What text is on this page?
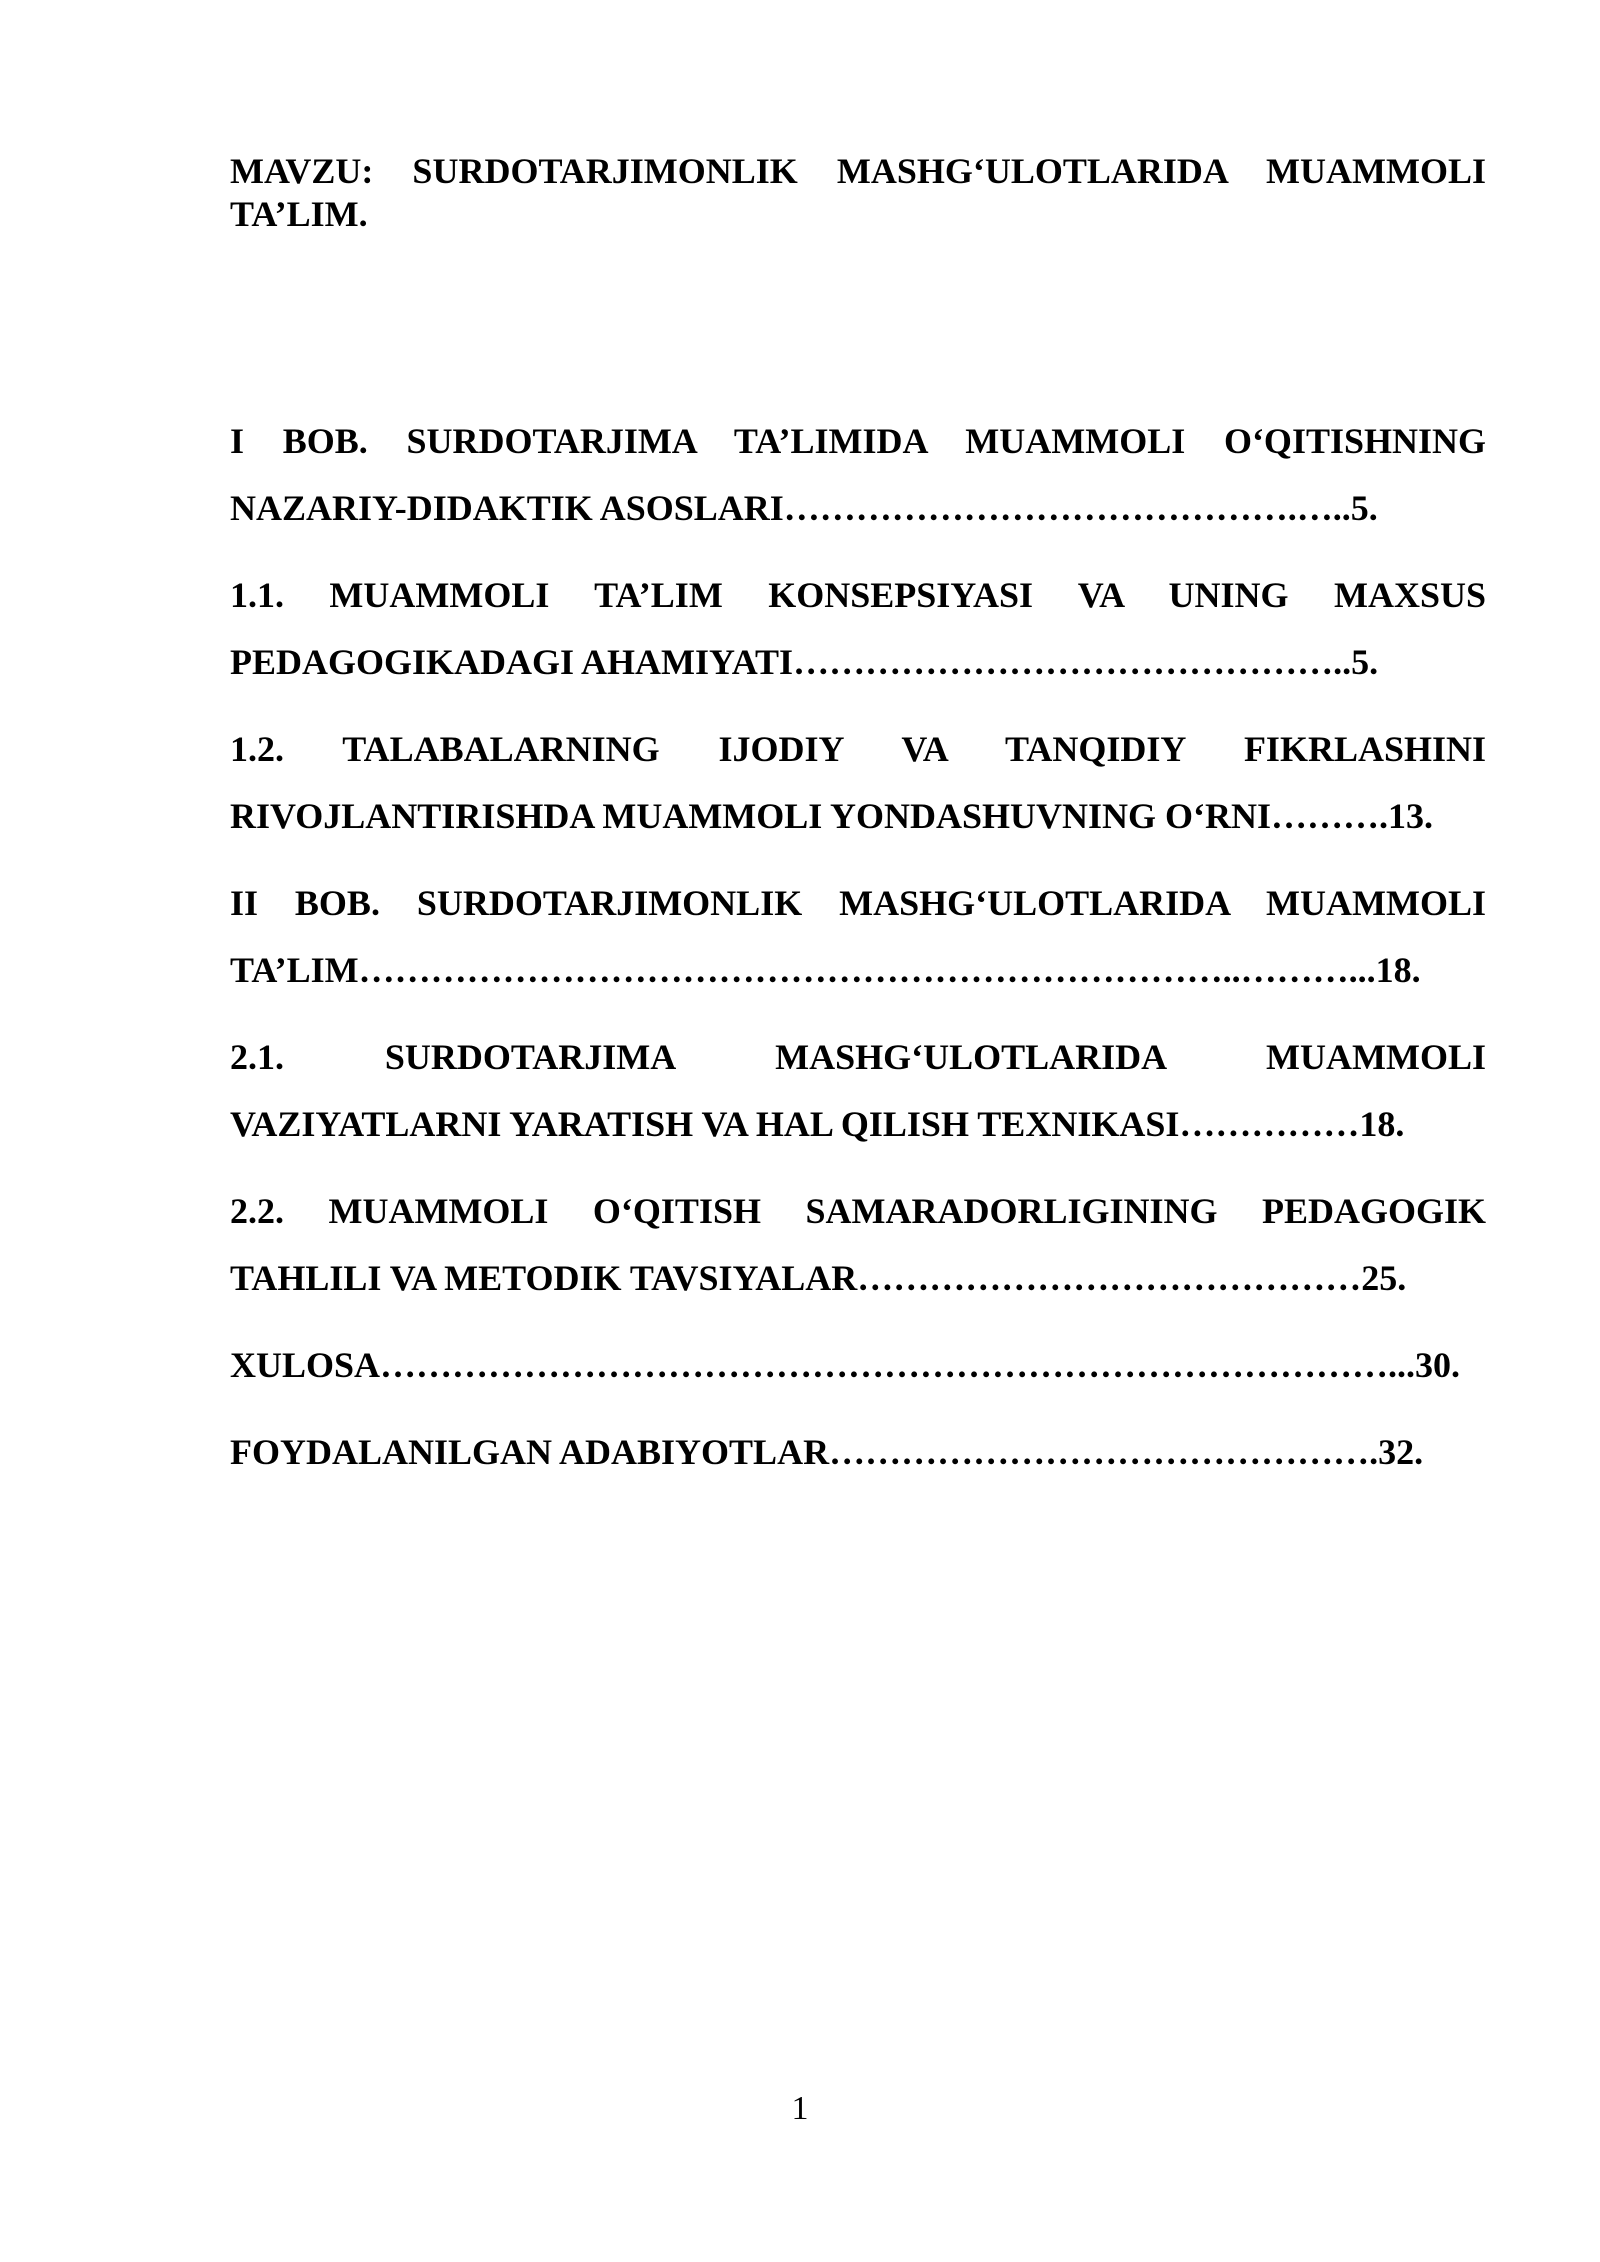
MAVZU: SURDOTARJIMONLIK MASHG‘ULOTLARIDA MUAMMOLI
TA’LIM.
I BOB. SURDOTARJIMA TA’LIMIDA MUAMMOLI O‘QITISHNING
NAZARIY-DIDAKTIK ASOSLARI…………………………………….…..5.
1.1. MUAMMOLI TA’LIM KONSEPSIYASI VA UNING MAXSUS
PEDAGOGIKADAGI AHAMIYATI………………………………………..5.
1.2. TALABALARNING IJODIY VA TANQIDIY FIKRLASHINI
RIVOJLANTIRISHDA MUAMMOLI YONDASHUVNING O‘RNI……….13.
II BOB. SURDOTARJIMONLIK MASHG‘ULOTLARIDA MUAMMOLI
TA’LIM………………………………………………………………..………...18.
2.1. SURDOTARJIMA MASHG‘ULOTLARIDA MUAMMOLI
VAZIYATLARNI YARATISH VA HAL QILISH TEXNIKASI……………18.
2.2. MUAMMOLI O‘QITISH SAMARADORLIGINING PEDAGOGIK
TAHLILI VA METODIK TAVSIYALAR……………………………………25.
XULOSA…………………………………………………………………………...30.
FOYDALANILGAN ADABIYOTLAR……………………………………….32.
1
